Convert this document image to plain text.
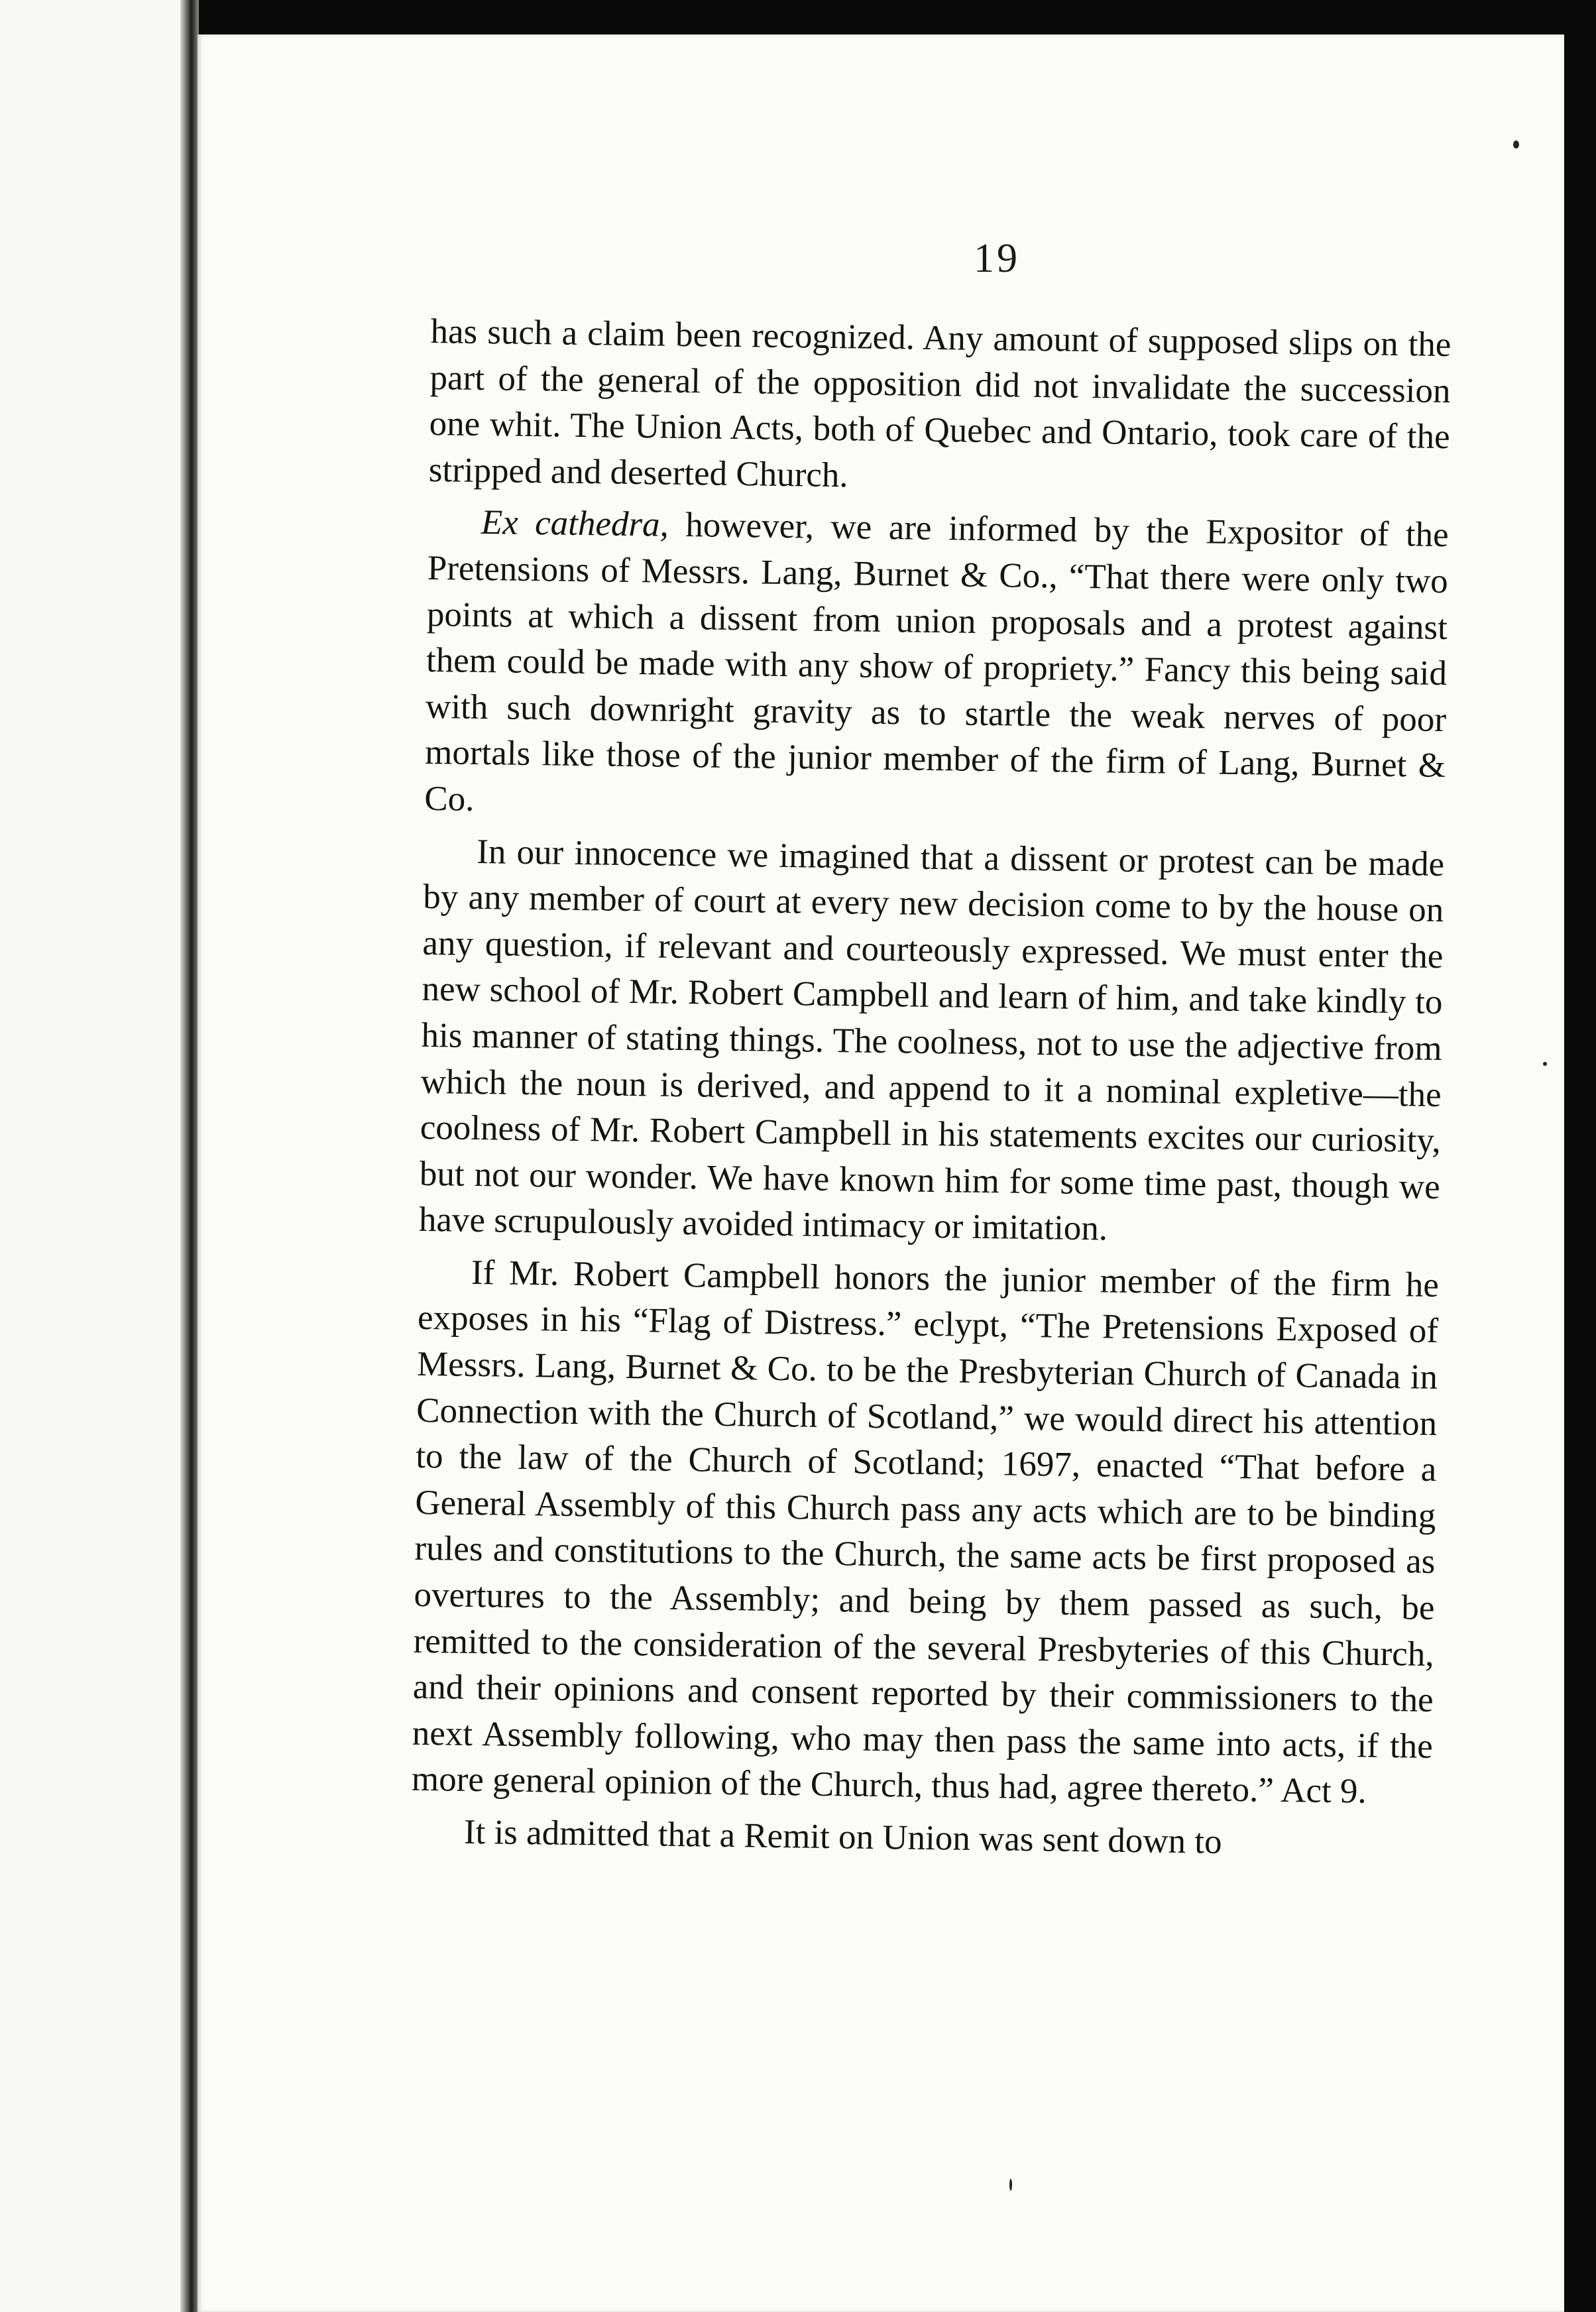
19

has such a claim been recognized. Any amount of supposed slips on the part of the general of the opposition did not invalidate the succession one whit. The Union Acts, both of Quebec and Ontario, took care of the stripped and deserted Church.

Ex cathedra, however, we are informed by the Expositor of the Pretensions of Messrs. Lang, Burnet & Co., “That there were only two points at which a dissent from union proposals and a protest against them could be made with any show of propriety.” Fancy this being said with such downright gravity as to startle the weak nerves of poor mortals like those of the junior member of the firm of Lang, Burnet & Co.

In our innocence we imagined that a dissent or protest can be made by any member of court at every new decision come to by the house on any question, if relevant and courteously expressed. We must enter the new school of Mr. Robert Campbell and learn of him, and take kindly to his manner of stating things. The coolness, not to use the adjective from which the noun is derived, and append to it a nominal expletive—the coolness of Mr. Robert Campbell in his statements excites our curiosity, but not our wonder. We have known him for some time past, though we have scrupulously avoided intimacy or imitation.

If Mr. Robert Campbell honors the junior member of the firm he exposes in his “Flag of Distress.” eclypt, “The Pretensions Exposed of Messrs. Lang, Burnet & Co. to be the Presbyterian Church of Canada in Connection with the Church of Scotland,” we would direct his attention to the law of the Church of Scotland; 1697, enacted “That before a General Assembly of this Church pass any acts which are to be binding rules and constitutions to the Church, the same acts be first proposed as overtures to the Assembly; and being by them passed as such, be remitted to the consideration of the several Presbyteries of this Church, and their opinions and consent reported by their commissioners to the next Assembly following, who may then pass the same into acts, if the more general opinion of the Church, thus had, agree thereto.” Act 9.

It is admitted that a Remit on Union was sent down to
